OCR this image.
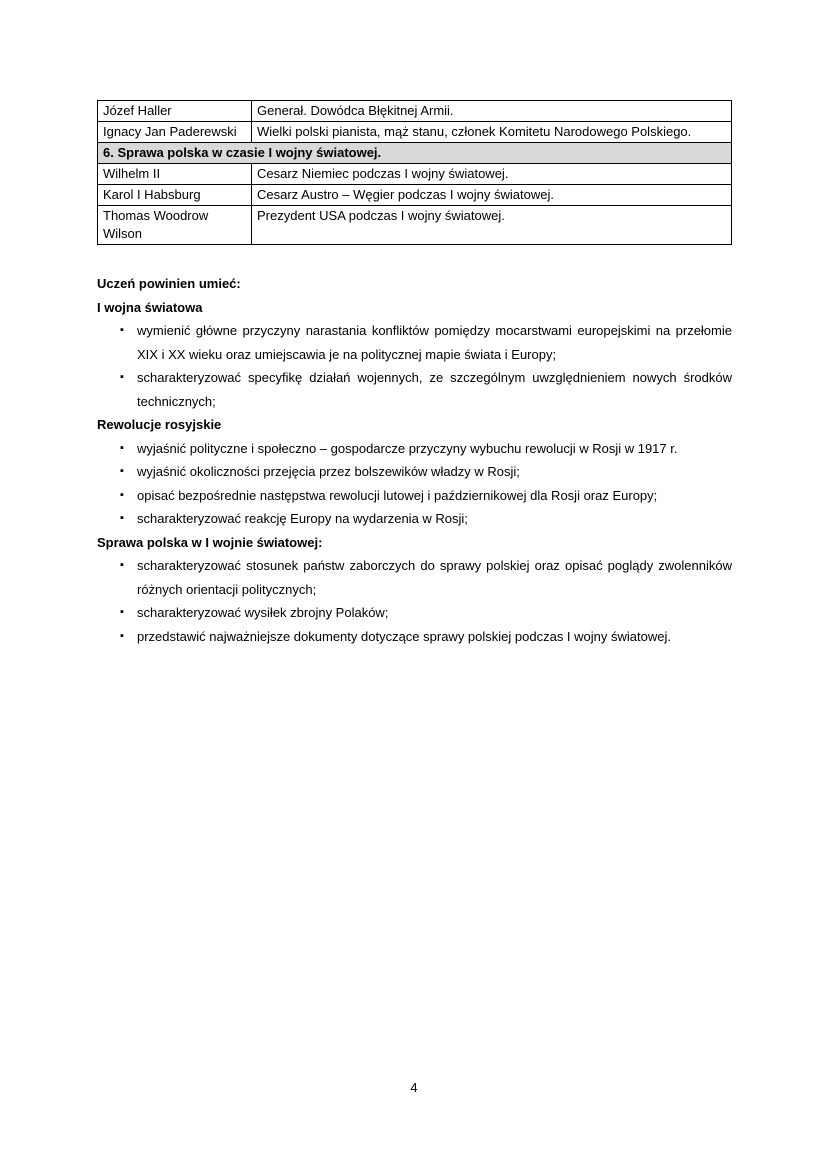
Józef Haller	Generał. Dowódca Błękitnej Armii.
Ignacy Jan Paderewski	Wielki polski pianista, mąż stanu, członek Komitetu Narodowego Polskiego.
6. Sprawa polska w czasie I wojny światowej.	
Wilhelm II	Cesarz Niemiec podczas I wojny światowej.
Karol I Habsburg	Cesarz Austro – Węgier podczas I wojny światowej.
Thomas Woodrow Wilson	Prezydent USA podczas I wojny światowej.
Uczeń powinien umieć:
I wojna światowa
▪ wymienić główne przyczyny narastania konfliktów pomiędzy mocarstwami europejskimi na przełomie XIX i XX wieku oraz umiejscawia je na politycznej mapie świata i Europy;
▪ scharakteryzować specyfikę działań wojennych, ze szczególnym uwzględnieniem nowych środków technicznych;
Rewolucje rosyjskie
▪ wyjaśnić polityczne i społeczno – gospodarcze przyczyny wybuchu rewolucji w Rosji w 1917 r.
▪ wyjaśnić okoliczności przejęcia przez bolszewików władzy w Rosji;
▪ opisać bezpośrednie następstwa rewolucji lutowej i październikowej dla Rosji oraz Europy;
▪ scharakteryzować reakcję Europy na wydarzenia w Rosji;
Sprawa polska w I wojnie światowej:
▪ scharakteryzować stosunek państw zaborczych do sprawy polskiej oraz opisać poglądy zwolenników różnych orientacji politycznych;
▪ scharakteryzować wysiłek zbrojny Polaków;
▪ przedstawić najważniejsze dokumenty dotyczące sprawy polskiej podczas I wojny światowej.
4
